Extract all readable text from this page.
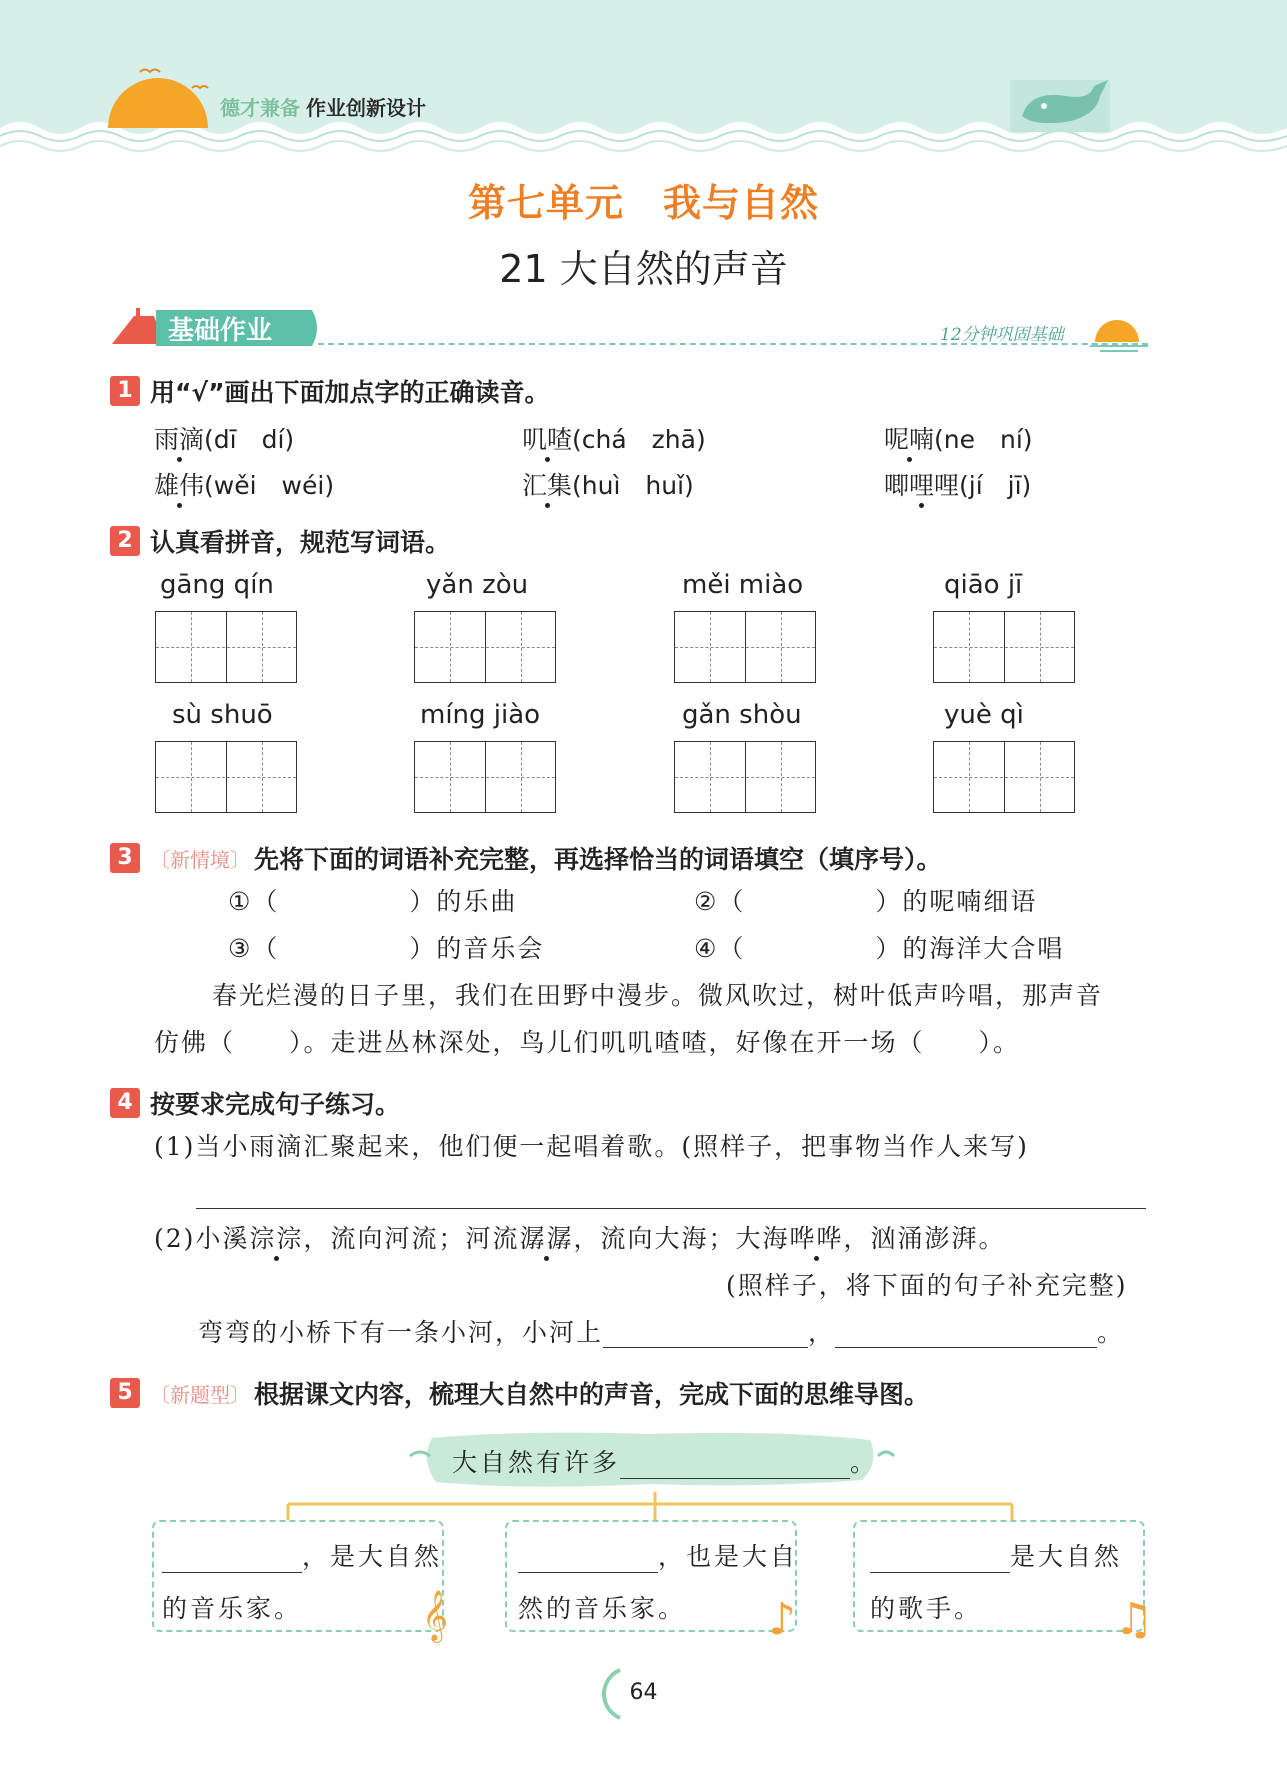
德才兼备 作业创新设计
第七单元　我与自然
21 大自然的声音
基础作业	12分钟巩固基础
1 用“√”画出下面加点字的正确读音。
雨滴(dī　dí)	叽喳(chá　zhā)	呢喃(ne　ní)
雄伟(wěi　wéi)	汇集(huì　huǐ)	唧哩哩(jí　jī)
2 认真看拼音，规范写词语。
gāng qín	yǎn zòu	měi miào	qiāo jī
sù shuō	míng jiào	gǎn shòu	yuè qì
3 〔新情境〕 先将下面的词语补充完整，再选择恰当的词语填空（填序号）。
①（	）的乐曲	②（	）的呢喃细语
③（	）的音乐会	④（	）的海洋大合唱
春光烂漫的日子里，我们在田野中漫步。微风吹过，树叶低声吟唱，那声音
仿佛（　　）。走进丛林深处，鸟儿们叽叽喳喳，好像在开一场（　　）。
4 按要求完成句子练习。
(1)当小雨滴汇聚起来，他们便一起唱着歌。(照样子，把事物当作人来写)
(2)小溪淙淙，流向河流；河流潺潺，流向大海；大海哗哗，汹涌澎湃。
(照样子，将下面的句子补充完整)
弯弯的小桥下有一条小河，小河上	，	。
5 〔新题型〕 根据课文内容，梳理大自然中的声音，完成下面的思维导图。
大自然有许多	。
，是大自然
的音乐家。	𝄞
，也是大自
然的音乐家。 ♪
是大自然
的歌手。	♫
64
